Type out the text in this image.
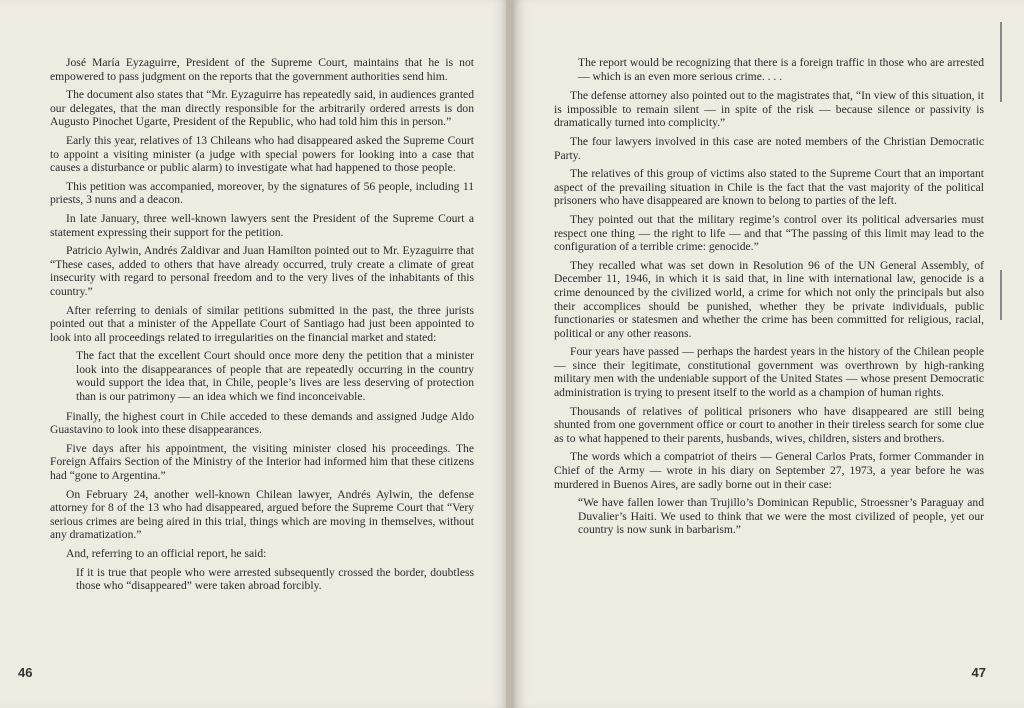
José María Eyzaguirre, President of the Supreme Court, maintains that he is not empowered to pass judgment on the reports that the government authorities send him.

The document also states that “Mr. Eyzaguirre has repeatedly said, in audiences granted our delegates, that the man directly responsible for the arbitrarily ordered arrests is don Augusto Pinochet Ugarte, President of the Republic, who had told him this in person.”

Early this year, relatives of 13 Chileans who had disappeared asked the Supreme Court to appoint a visiting minister (a judge with special powers for looking into a case that causes a disturbance or public alarm) to investigate what had happened to those people.

This petition was accompanied, moreover, by the signatures of 56 people, including 11 priests, 3 nuns and a deacon.

In late January, three well-known lawyers sent the President of the Supreme Court a statement expressing their support for the petition.

Patricio Aylwin, Andrés Zaldivar and Juan Hamilton pointed out to Mr. Eyzaguirre that “These cases, added to others that have already occurred, truly create a climate of great insecurity with regard to personal freedom and to the very lives of the inhabitants of this country.”

After referring to denials of similar petitions submitted in the past, the three jurists pointed out that a minister of the Appellate Court of Santiago had just been appointed to look into all proceedings related to irregularities on the financial market and stated:

The fact that the excellent Court should once more deny the petition that a minister look into the disappearances of people that are repeatedly occurring in the country would support the idea that, in Chile, people’s lives are less deserving of protection than is our patrimony — an idea which we find inconceivable.

Finally, the highest court in Chile acceded to these demands and assigned Judge Aldo Guastavino to look into these disappearances.

Five days after his appointment, the visiting minister closed his proceedings. The Foreign Affairs Section of the Ministry of the Interior had informed him that these citizens had “gone to Argentina.”

On February 24, another well-known Chilean lawyer, Andrés Aylwin, the defense attorney for 8 of the 13 who had disappeared, argued before the Supreme Court that “Very serious crimes are being aired in this trial, things which are moving in themselves, without any dramatization.”

And, referring to an official report, he said:

If it is true that people who were arrested subsequently crossed the border, doubtless those who “disappeared” were taken abroad forcibly.

46

The report would be recognizing that there is a foreign traffic in those who are arrested — which is an even more serious crime. . . .

The defense attorney also pointed out to the magistrates that, “In view of this situation, it is impossible to remain silent — in spite of the risk — because silence or passivity is dramatically turned into complicity.”

The four lawyers involved in this case are noted members of the Christian Democratic Party.

The relatives of this group of victims also stated to the Supreme Court that an important aspect of the prevailing situation in Chile is the fact that the vast majority of the political prisoners who have disappeared are known to belong to parties of the left.

They pointed out that the military regime’s control over its political adversaries must respect one thing — the right to life — and that “The passing of this limit may lead to the configuration of a terrible crime: genocide.”

They recalled what was set down in Resolution 96 of the UN General Assembly, of December 11, 1946, in which it is said that, in line with international law, genocide is a crime denounced by the civilized world, a crime for which not only the principals but also their accomplices should be punished, whether they be private individuals, public functionaries or statesmen and whether the crime has been committed for religious, racial, political or any other reasons.

Four years have passed — perhaps the hardest years in the history of the Chilean people — since their legitimate, constitutional government was overthrown by high-ranking military men with the undeniable support of the United States — whose present Democratic administration is trying to present itself to the world as a champion of human rights.

Thousands of relatives of political prisoners who have disappeared are still being shunted from one government office or court to another in their tireless search for some clue as to what happened to their parents, husbands, wives, children, sisters and brothers.

The words which a compatriot of theirs — General Carlos Prats, former Commander in Chief of the Army — wrote in his diary on September 27, 1973, a year before he was murdered in Buenos Aires, are sadly borne out in their case:

“We have fallen lower than Trujillo’s Dominican Republic, Stroessner’s Paraguay and Duvalier’s Haiti. We used to think that we were the most civilized of people, yet our country is now sunk in barbarism.”

47
